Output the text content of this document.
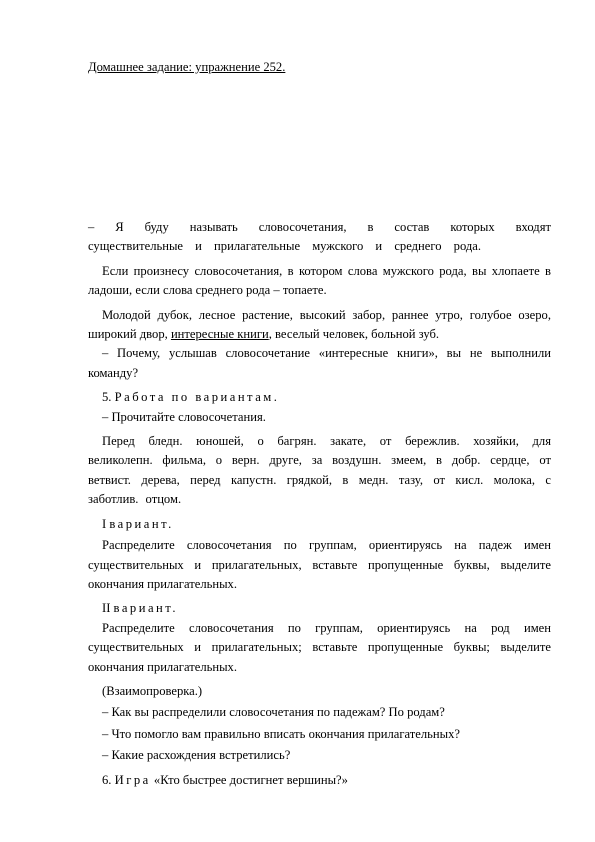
Домашнее задание: упражнение 252.

– Я буду называть словосочетания, в состав которых входят существительные и прилагательные мужского и среднего рода.

Если произнесу словосочетания, в котором слова мужского рода, вы хлопаете в ладоши, если слова среднего рода – топаете.

Молодой дубок, лесное растение, высокий забор, раннее утро, голубое озеро, широкий двор, интересные книги, веселый человек, больной зуб.

– Почему, услышав словосочетание «интересные книги», вы не выполнили команду?

5. Работа по вариантам.

– Прочитайте словосочетания.

Перед бледн. юношей, о багрян. закате, от бережлив. хозяйки, для великолепн. фильма, о верн. друге, за воздушн. змеем, в добр. сердце, от ветвист. дерева, перед капустн. грядкой, в медн. тазу, от кисл. молока, с заботлив. отцом.

I вариант.

Распределите словосочетания по группам, ориентируясь на падеж имен существительных и прилагательных, вставьте пропущенные буквы, выделите окончания прилагательных.

II вариант.

Распределите словосочетания по группам, ориентируясь на род имен существительных и прилагательных; вставьте пропущенные буквы; выделите окончания прилагательных.

(Взаимопроверка.)

– Как вы распределили словосочетания по падежам? По родам?

– Что помогло вам правильно вписать окончания прилагательных?

– Какие расхождения встретились?

6. Игра «Кто быстрее достигнет вершины?»
